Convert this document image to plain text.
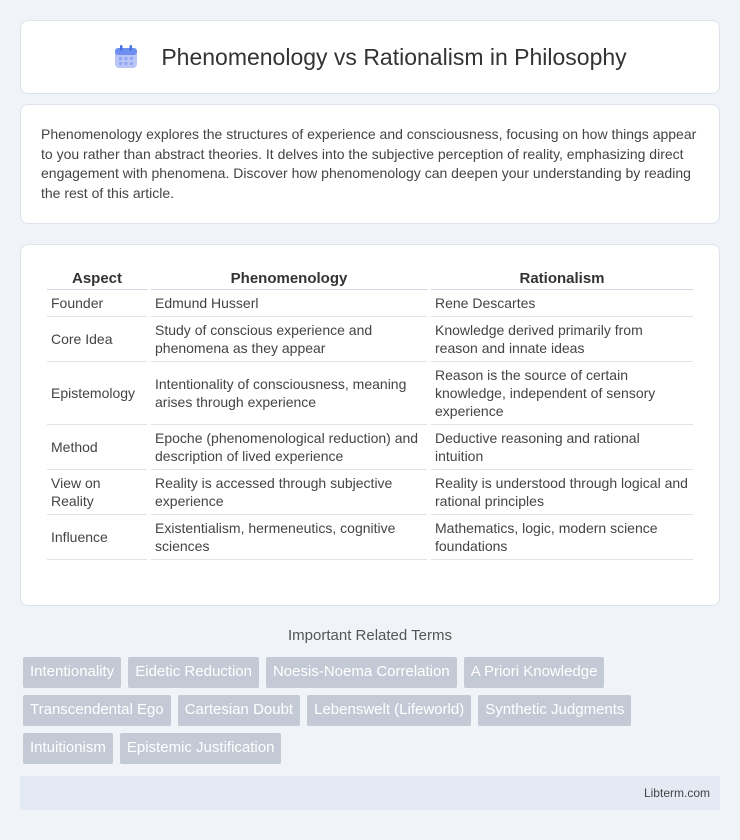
Phenomenology vs Rationalism in Philosophy

Phenomenology explores the structures of experience and consciousness, focusing on how things appear to you rather than abstract theories. It delves into the subjective perception of reality, emphasizing direct engagement with phenomena. Discover how phenomenology can deepen your understanding by reading the rest of this article.

Aspect	Phenomenology	Rationalism
Founder	Edmund Husserl	Rene Descartes
Core Idea	Study of conscious experience and phenomena as they appear	Knowledge derived primarily from reason and innate ideas
Epistemology	Intentionality of consciousness, meaning arises through experience	Reason is the source of certain knowledge, independent of sensory experience
Method	Epoche (phenomenological reduction) and description of lived experience	Deductive reasoning and rational intuition
View on Reality	Reality is accessed through subjective experience	Reality is understood through logical and rational principles
Influence	Existentialism, hermeneutics, cognitive sciences	Mathematics, logic, modern science foundations
Important Related Terms
Intentionality	Eidetic Reduction	Noesis-Noema Correlation	A Priori Knowledge
Transcendental Ego	Cartesian Doubt	Lebenswelt (Lifeworld)	Synthetic Judgments
Intuitionism	Epistemic Justification
Libterm.com
